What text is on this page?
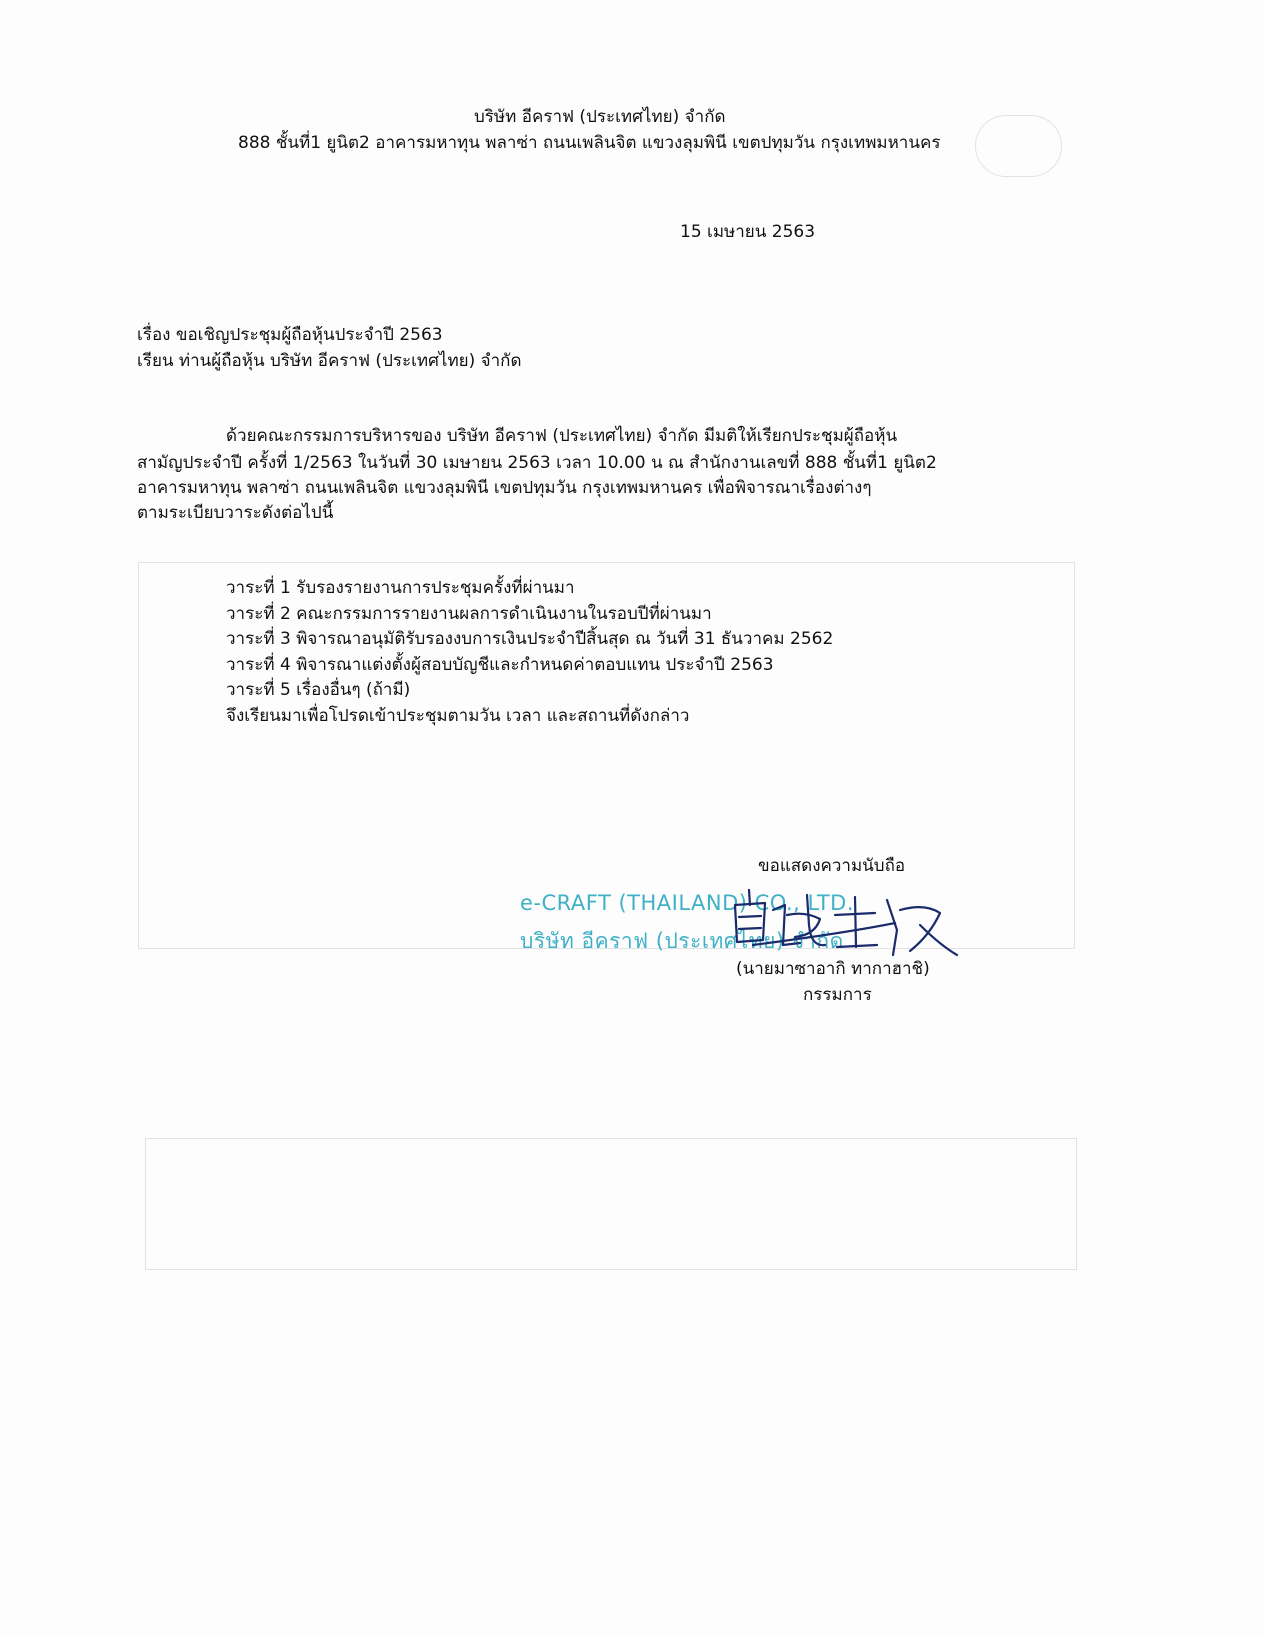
บริษัท อีคราฟ (ประเทศไทย) จำกัด
888 ชั้นที่1 ยูนิต2 อาคารมหาทุน พลาซ่า ถนนเพลินจิต แขวงลุมพินี เขตปทุมวัน กรุงเทพมหานคร
15 เมษายน 2563
เรื่อง ขอเชิญประชุมผู้ถือหุ้นประจำปี 2563
เรียน ท่านผู้ถือหุ้น บริษัท อีคราฟ (ประเทศไทย) จำกัด
ด้วยคณะกรรมการบริหารของ บริษัท อีคราฟ (ประเทศไทย) จำกัด มีมติให้เรียกประชุมผู้ถือหุ้น
สามัญประจำปี ครั้งที่ 1/2563 ในวันที่ 30 เมษายน 2563 เวลา 10.00 น ณ สำนักงานเลขที่ 888 ชั้นที่1 ยูนิต2
อาคารมหาทุน พลาซ่า ถนนเพลินจิต แขวงลุมพินี เขตปทุมวัน กรุงเทพมหานคร เพื่อพิจารณาเรื่องต่างๆ
ตามระเบียบวาระดังต่อไปนี้
วาระที่ 1 รับรองรายงานการประชุมครั้งที่ผ่านมา
วาระที่ 2 คณะกรรมการรายงานผลการดำเนินงานในรอบปีที่ผ่านมา
วาระที่ 3 พิจารณาอนุมัติรับรองงบการเงินประจำปีสิ้นสุด ณ วันที่ 31 ธันวาคม 2562
วาระที่ 4 พิจารณาแต่งตั้งผู้สอบบัญชีและกำหนดค่าตอบแทน ประจำปี 2563
วาระที่ 5 เรื่องอื่นๆ (ถ้ามี)
จึงเรียนมาเพื่อโปรดเข้าประชุมตามวัน เวลา และสถานที่ดังกล่าว
ขอแสดงความนับถือ
e-CRAFT (THAILAND) CO., LTD.
บริษัท อีคราฟ (ประเทศไทย) จำกัด
(นายมาซาอากิ ทากาฮาชิ)
กรรมการ
